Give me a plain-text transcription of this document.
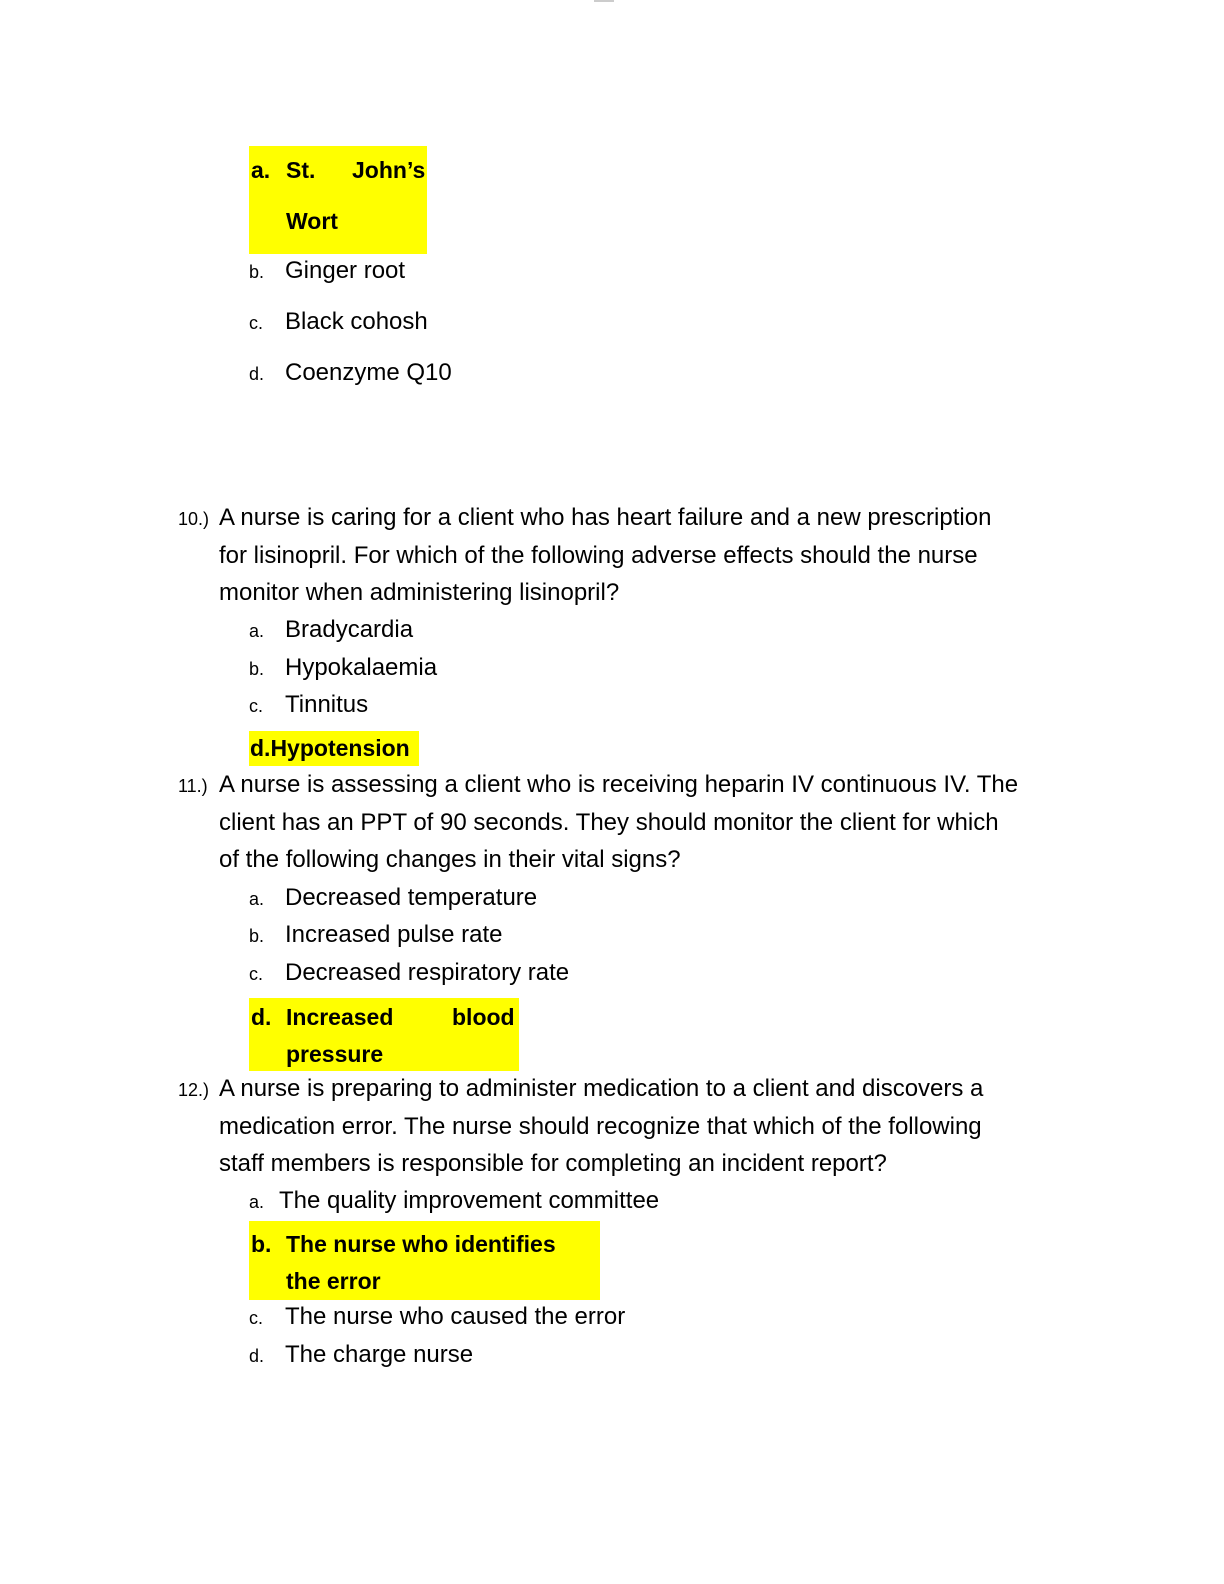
a. St. John’s
Wort
b. Ginger root
c. Black cohosh
d. Coenzyme Q10
10.) A nurse is caring for a client who has heart failure and a new prescription
for lisinopril. For which of the following adverse effects should the nurse
monitor when administering lisinopril?
a. Bradycardia
b. Hypokalaemia
c. Tinnitus
d.Hypotension
11.) A nurse is assessing a client who is receiving heparin IV continuous IV. The
client has an PPT of 90 seconds. They should monitor the client for which
of the following changes in their vital signs?
a. Decreased temperature
b. Increased pulse rate
c. Decreased respiratory rate
d. Increased	blood
pressure
12.) A nurse is preparing to administer medication to a client and discovers a
medication error. The nurse should recognize that which of the following
staff members is responsible for completing an incident report?
a. The quality improvement committee
b. The nurse who identifies
the error
c. The nurse who caused the error
d. The charge nurse
